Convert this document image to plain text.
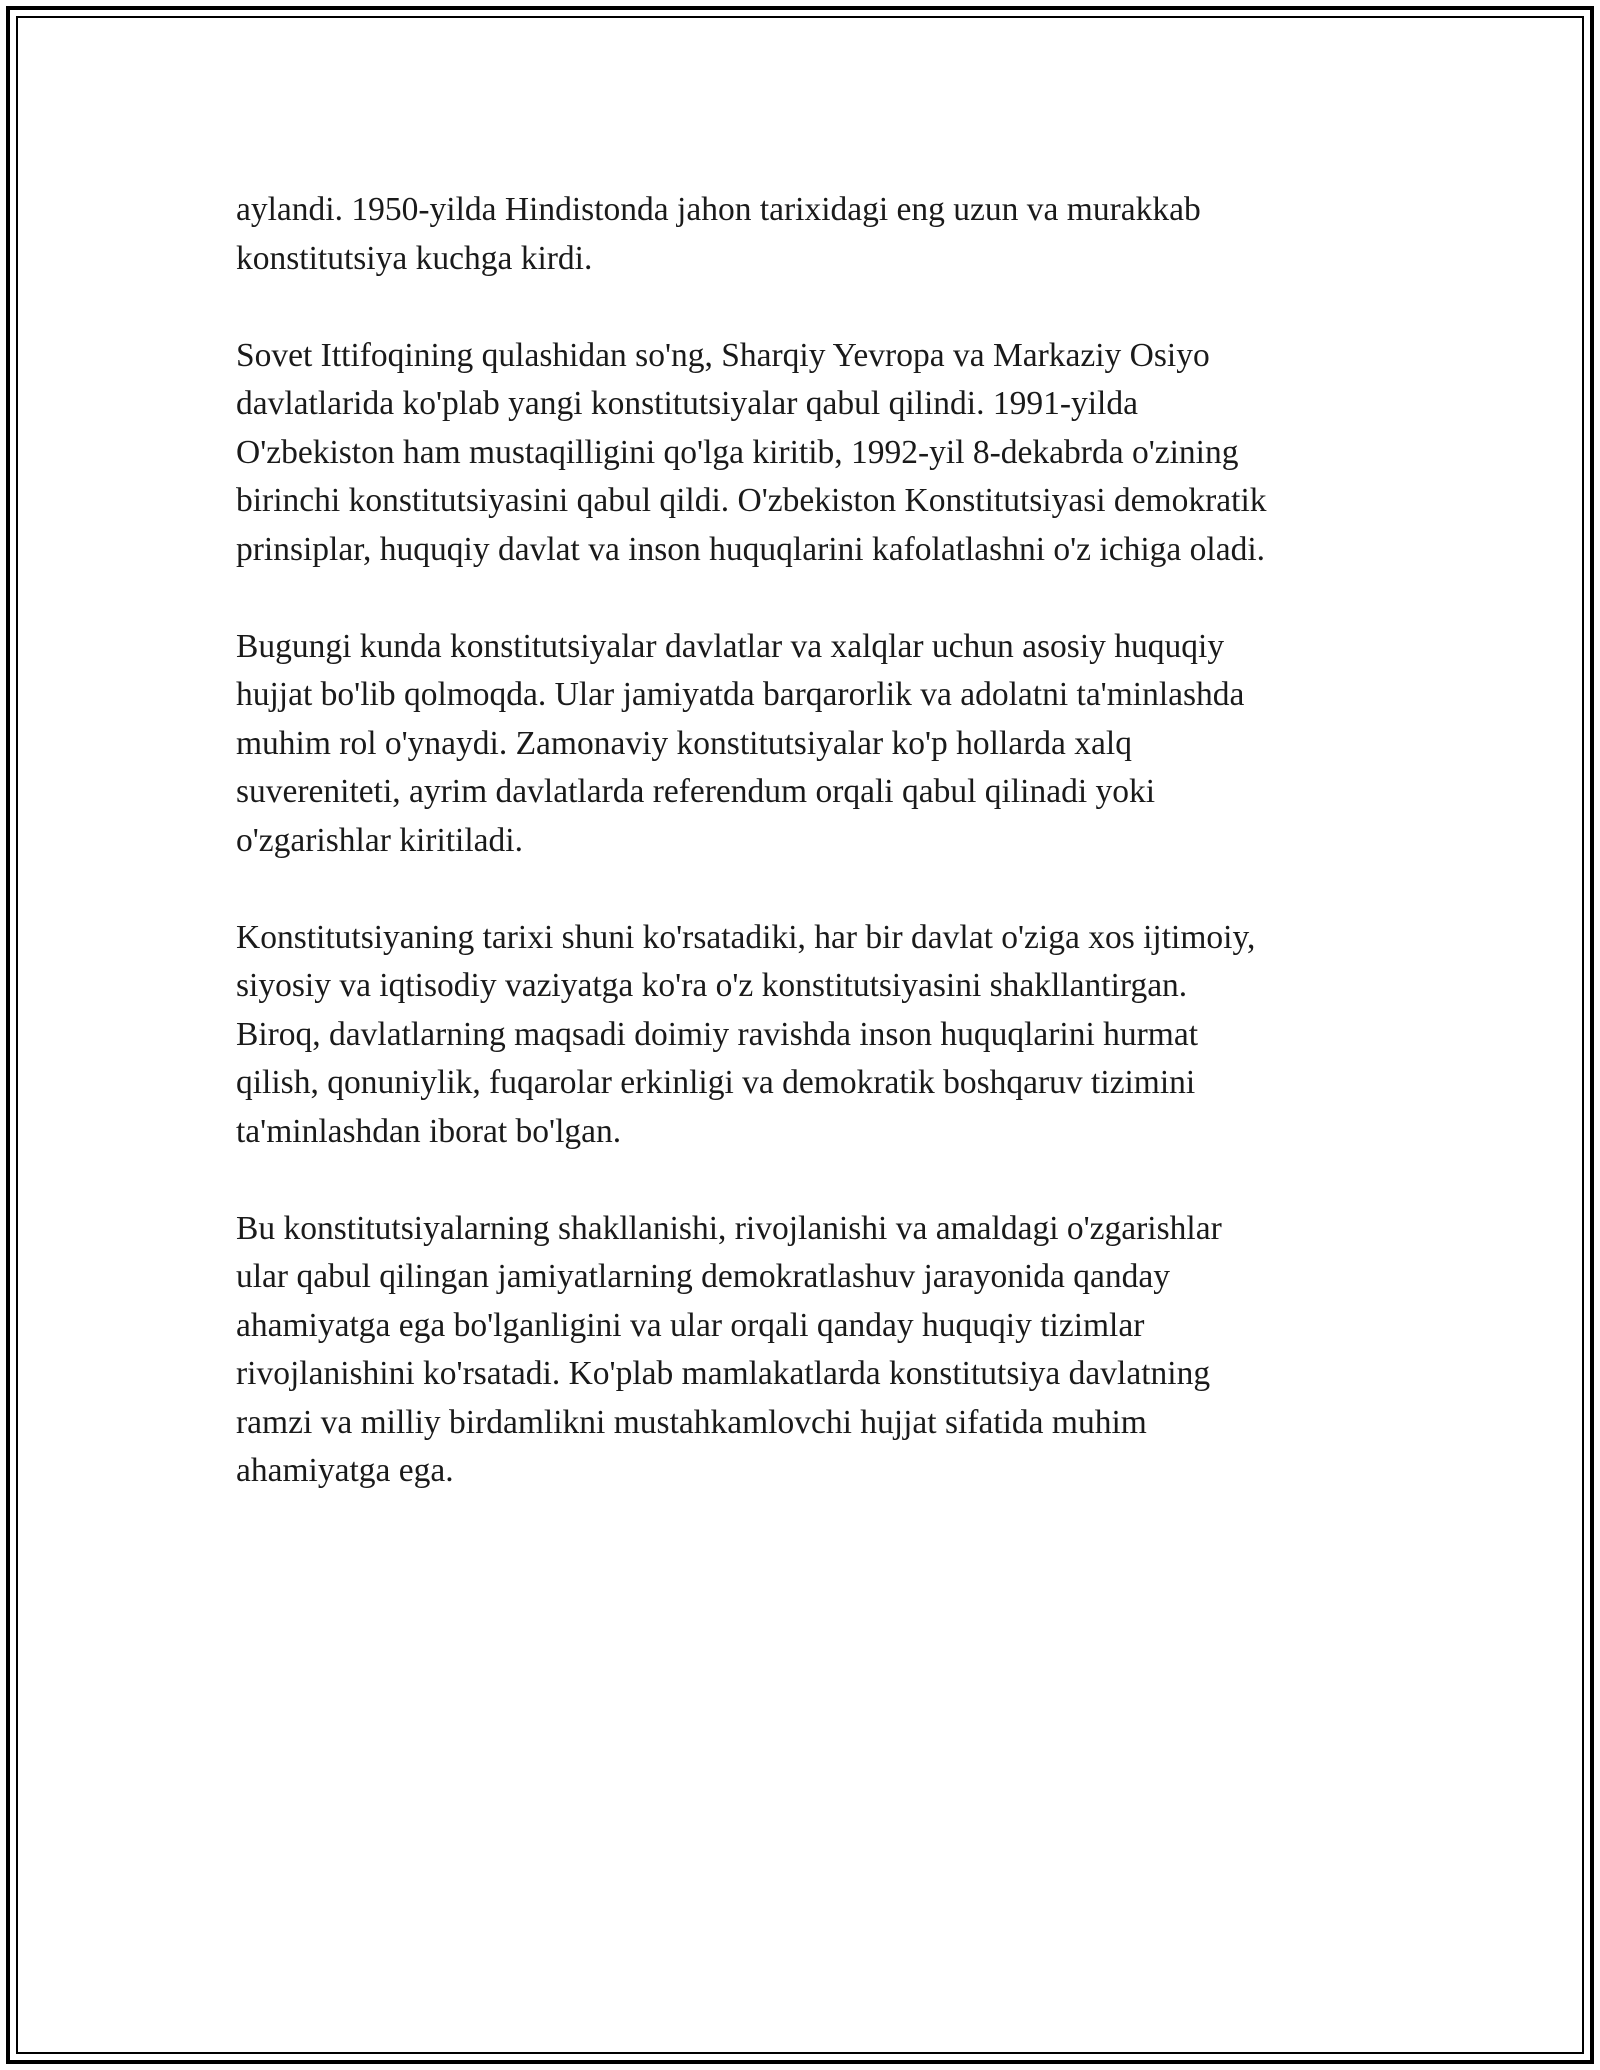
aylandi. 1950-yilda Hindistonda jahon tarixidagi eng uzun va murakkab
konstitutsiya kuchga kirdi.

Sovet Ittifoqining qulashidan so'ng, Sharqiy Yevropa va Markaziy Osiyo
davlatlarida ko'plab yangi konstitutsiyalar qabul qilindi. 1991-yilda
O'zbekiston ham mustaqilligini qo'lga kiritib, 1992-yil 8-dekabrda o'zining
birinchi konstitutsiyasini qabul qildi. O'zbekiston Konstitutsiyasi demokratik
prinsiplar, huquqiy davlat va inson huquqlarini kafolatlashni o'z ichiga oladi.

Bugungi kunda konstitutsiyalar davlatlar va xalqlar uchun asosiy huquqiy
hujjat bo'lib qolmoqda. Ular jamiyatda barqarorlik va adolatni ta'minlashda
muhim rol o'ynaydi. Zamonaviy konstitutsiyalar ko'p hollarda xalq
suvereniteti, ayrim davlatlarda referendum orqali qabul qilinadi yoki
o'zgarishlar kiritiladi.

Konstitutsiyaning tarixi shuni ko'rsatadiki, har bir davlat o'ziga xos ijtimoiy,
siyosiy va iqtisodiy vaziyatga ko'ra o'z konstitutsiyasini shakllantirgan.
Biroq, davlatlarning maqsadi doimiy ravishda inson huquqlarini hurmat
qilish, qonuniylik, fuqarolar erkinligi va demokratik boshqaruv tizimini
ta'minlashdan iborat bo'lgan.

Bu konstitutsiyalarning shakllanishi, rivojlanishi va amaldagi o'zgarishlar
ular qabul qilingan jamiyatlarning demokratlashuv jarayonida qanday
ahamiyatga ega bo'lganligini va ular orqali qanday huquqiy tizimlar
rivojlanishini ko'rsatadi. Ko'plab mamlakatlarda konstitutsiya davlatning
ramzi va milliy birdamlikni mustahkamlovchi hujjat sifatida muhim
ahamiyatga ega.
